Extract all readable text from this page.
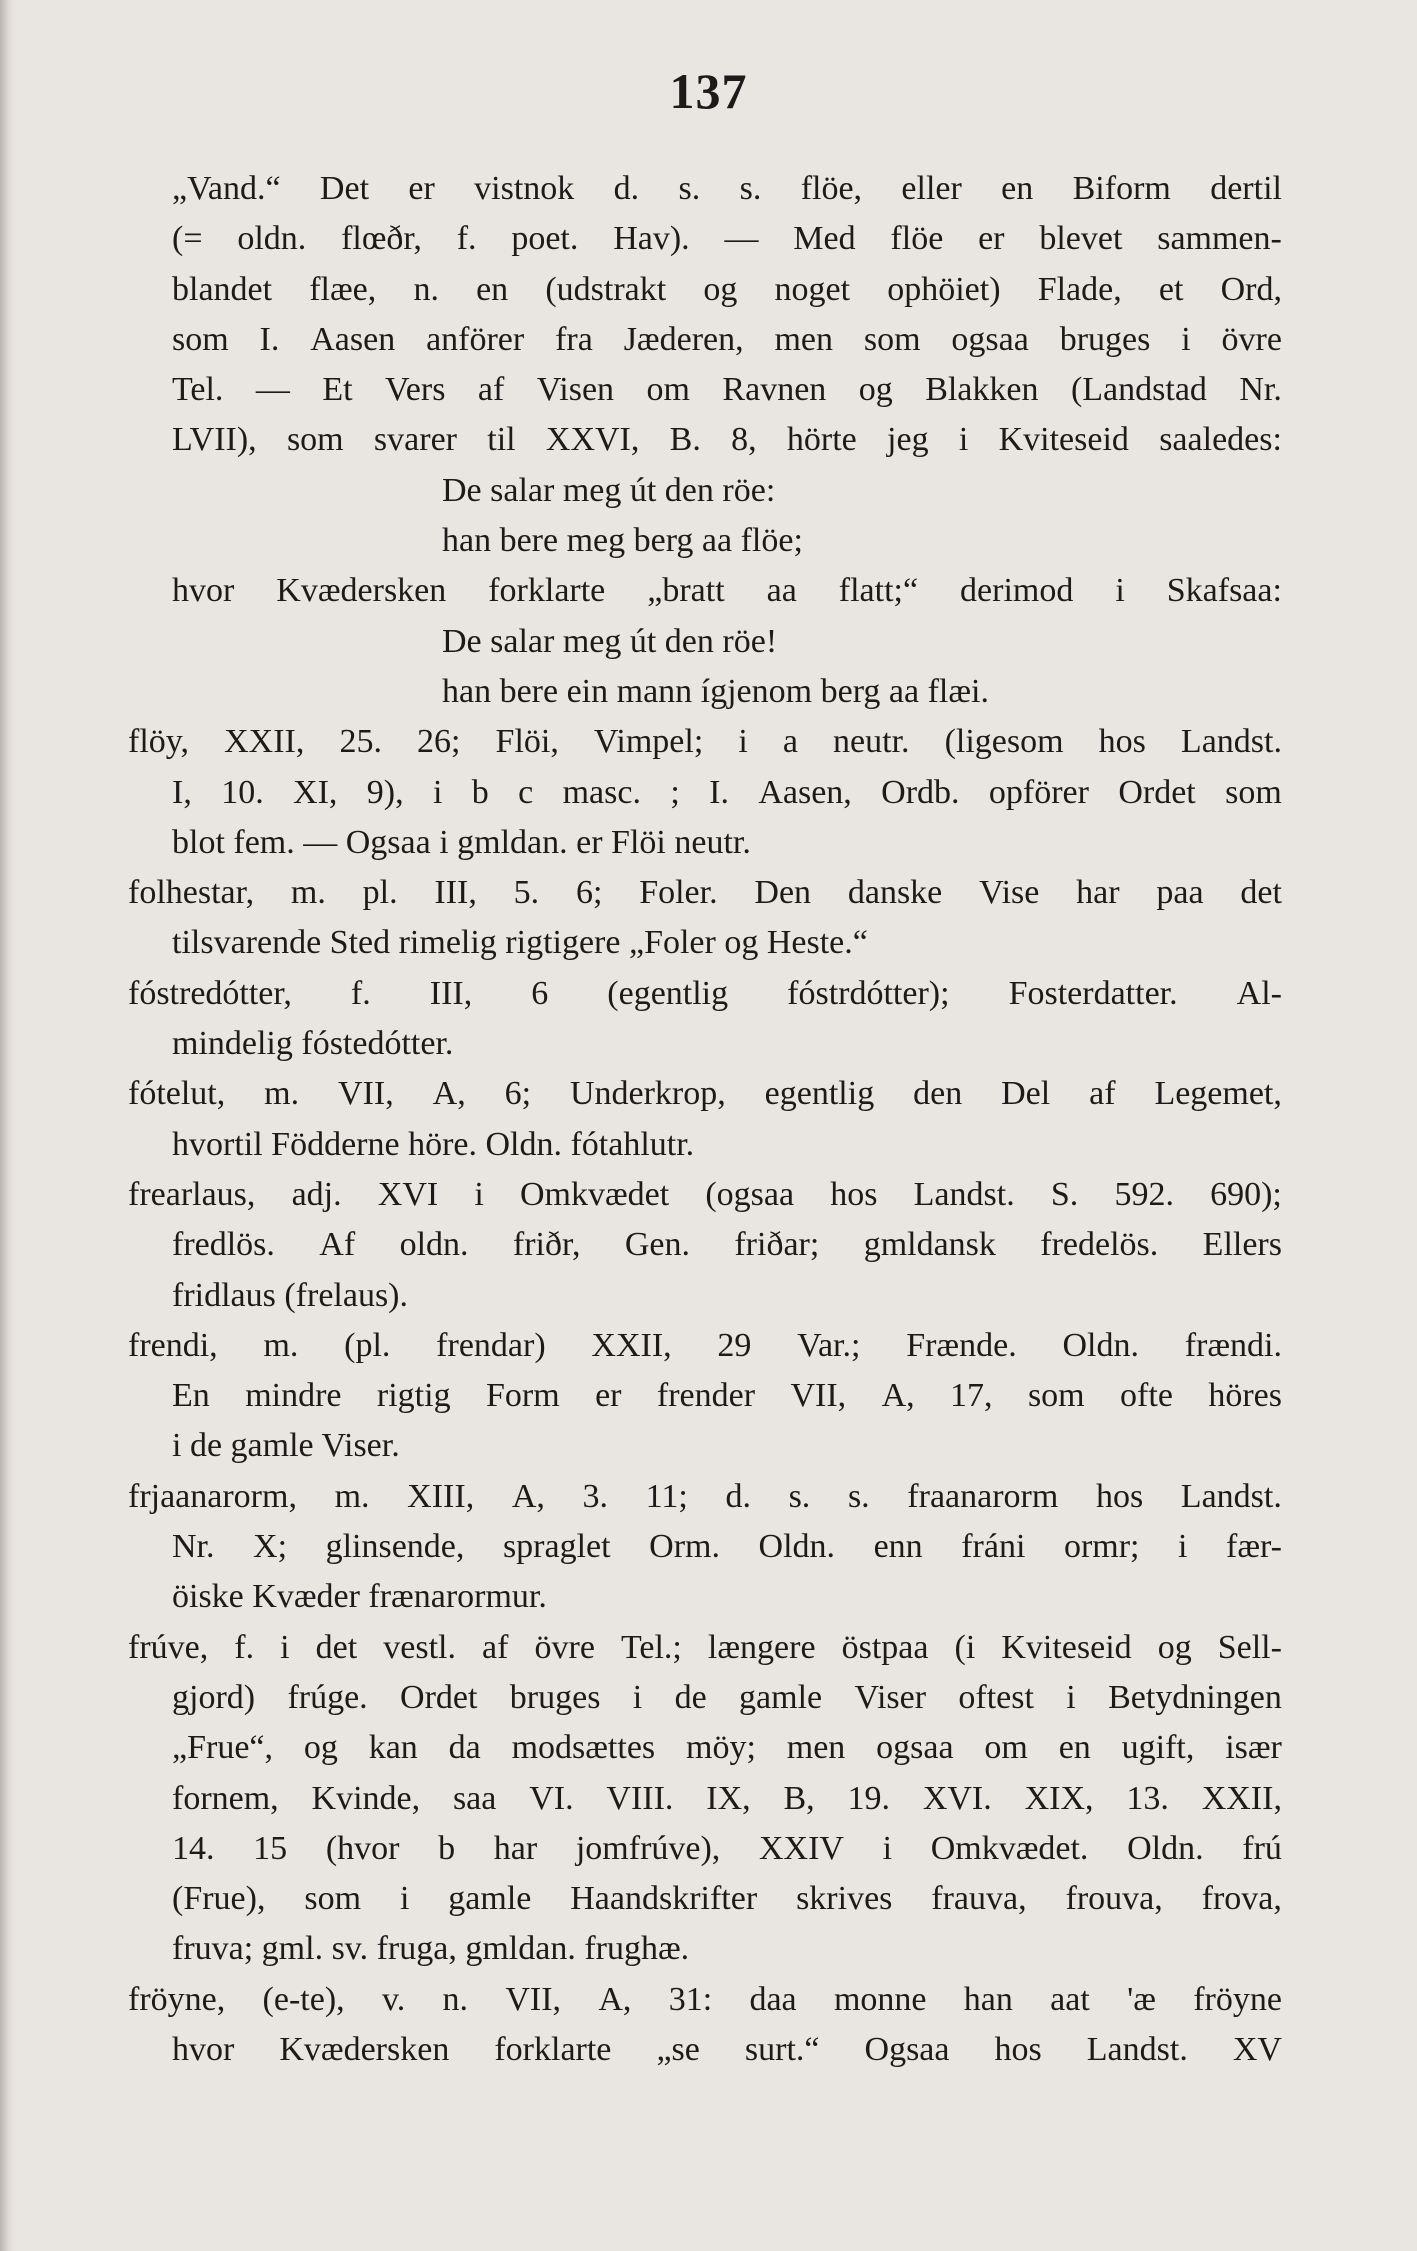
137
„Vand.“ Det er vistnok d. s. s. flöe, eller en Biform dertil
(= oldn. flœðr, f. poet. Hav). — Med flöe er blevet sammen-
blandet flæe, n. en (udstrakt og noget ophöiet) Flade, et Ord,
som I. Aasen anförer fra Jæderen, men som ogsaa bruges i övre
Tel. — Et Vers af Visen om Ravnen og Blakken (Landstad Nr.
LVII), som svarer til XXVI, B. 8, hörte jeg i Kviteseid saaledes:
De salar meg út den röe:
han bere meg berg aa flöe;
hvor Kvædersken forklarte „bratt aa flatt;“ derimod i Skafsaa:
De salar meg út den röe!
han bere ein mann ígjenom berg aa flæi.
flöy, XXII, 25. 26; Flöi, Vimpel; i a neutr. (ligesom hos Landst.
I, 10. XI, 9), i b c masc. ; I. Aasen, Ordb. opförer Ordet som
blot fem. — Ogsaa i gmldan. er Flöi neutr.
folhestar, m. pl. III, 5. 6; Foler. Den danske Vise har paa det
tilsvarende Sted rimelig rigtigere „Foler og Heste.“
fóstredótter, f. III, 6 (egentlig fóstrdótter); Fosterdatter. Al-
mindelig fóstedótter.
fótelut, m. VII, A, 6; Underkrop, egentlig den Del af Legemet,
hvortil Födderne höre. Oldn. fótahlutr.
frearlaus, adj. XVI i Omkvædet (ogsaa hos Landst. S. 592. 690);
fredlös. Af oldn. friðr, Gen. friðar; gmldansk fredelös. Ellers
fridlaus (frelaus).
frendi, m. (pl. frendar) XXII, 29 Var.; Frænde. Oldn. frændi.
En mindre rigtig Form er frender VII, A, 17, som ofte höres
i de gamle Viser.
frjaanarorm, m. XIII, A, 3. 11; d. s. s. fraanarorm hos Landst.
Nr. X; glinsende, spraglet Orm. Oldn. enn fráni ormr; i fær-
öiske Kvæder frænarormur.
frúve, f. i det vestl. af övre Tel.; længere östpaa (i Kviteseid og Sell-
gjord) frúge. Ordet bruges i de gamle Viser oftest i Betydningen
„Frue“, og kan da modsættes möy; men ogsaa om en ugift, især
fornem, Kvinde, saa VI. VIII. IX, B, 19. XVI. XIX, 13. XXII,
14. 15 (hvor b har jomfrúve), XXIV i Omkvædet. Oldn. frú
(Frue), som i gamle Haandskrifter skrives frauva, frouva, frova,
fruva; gml. sv. fruga, gmldan. frughæ.
fröyne, (e-te), v. n. VII, A, 31: daa monne han aat 'æ fröyne
hvor Kvædersken forklarte „se surt.“ Ogsaa hos Landst. XV
